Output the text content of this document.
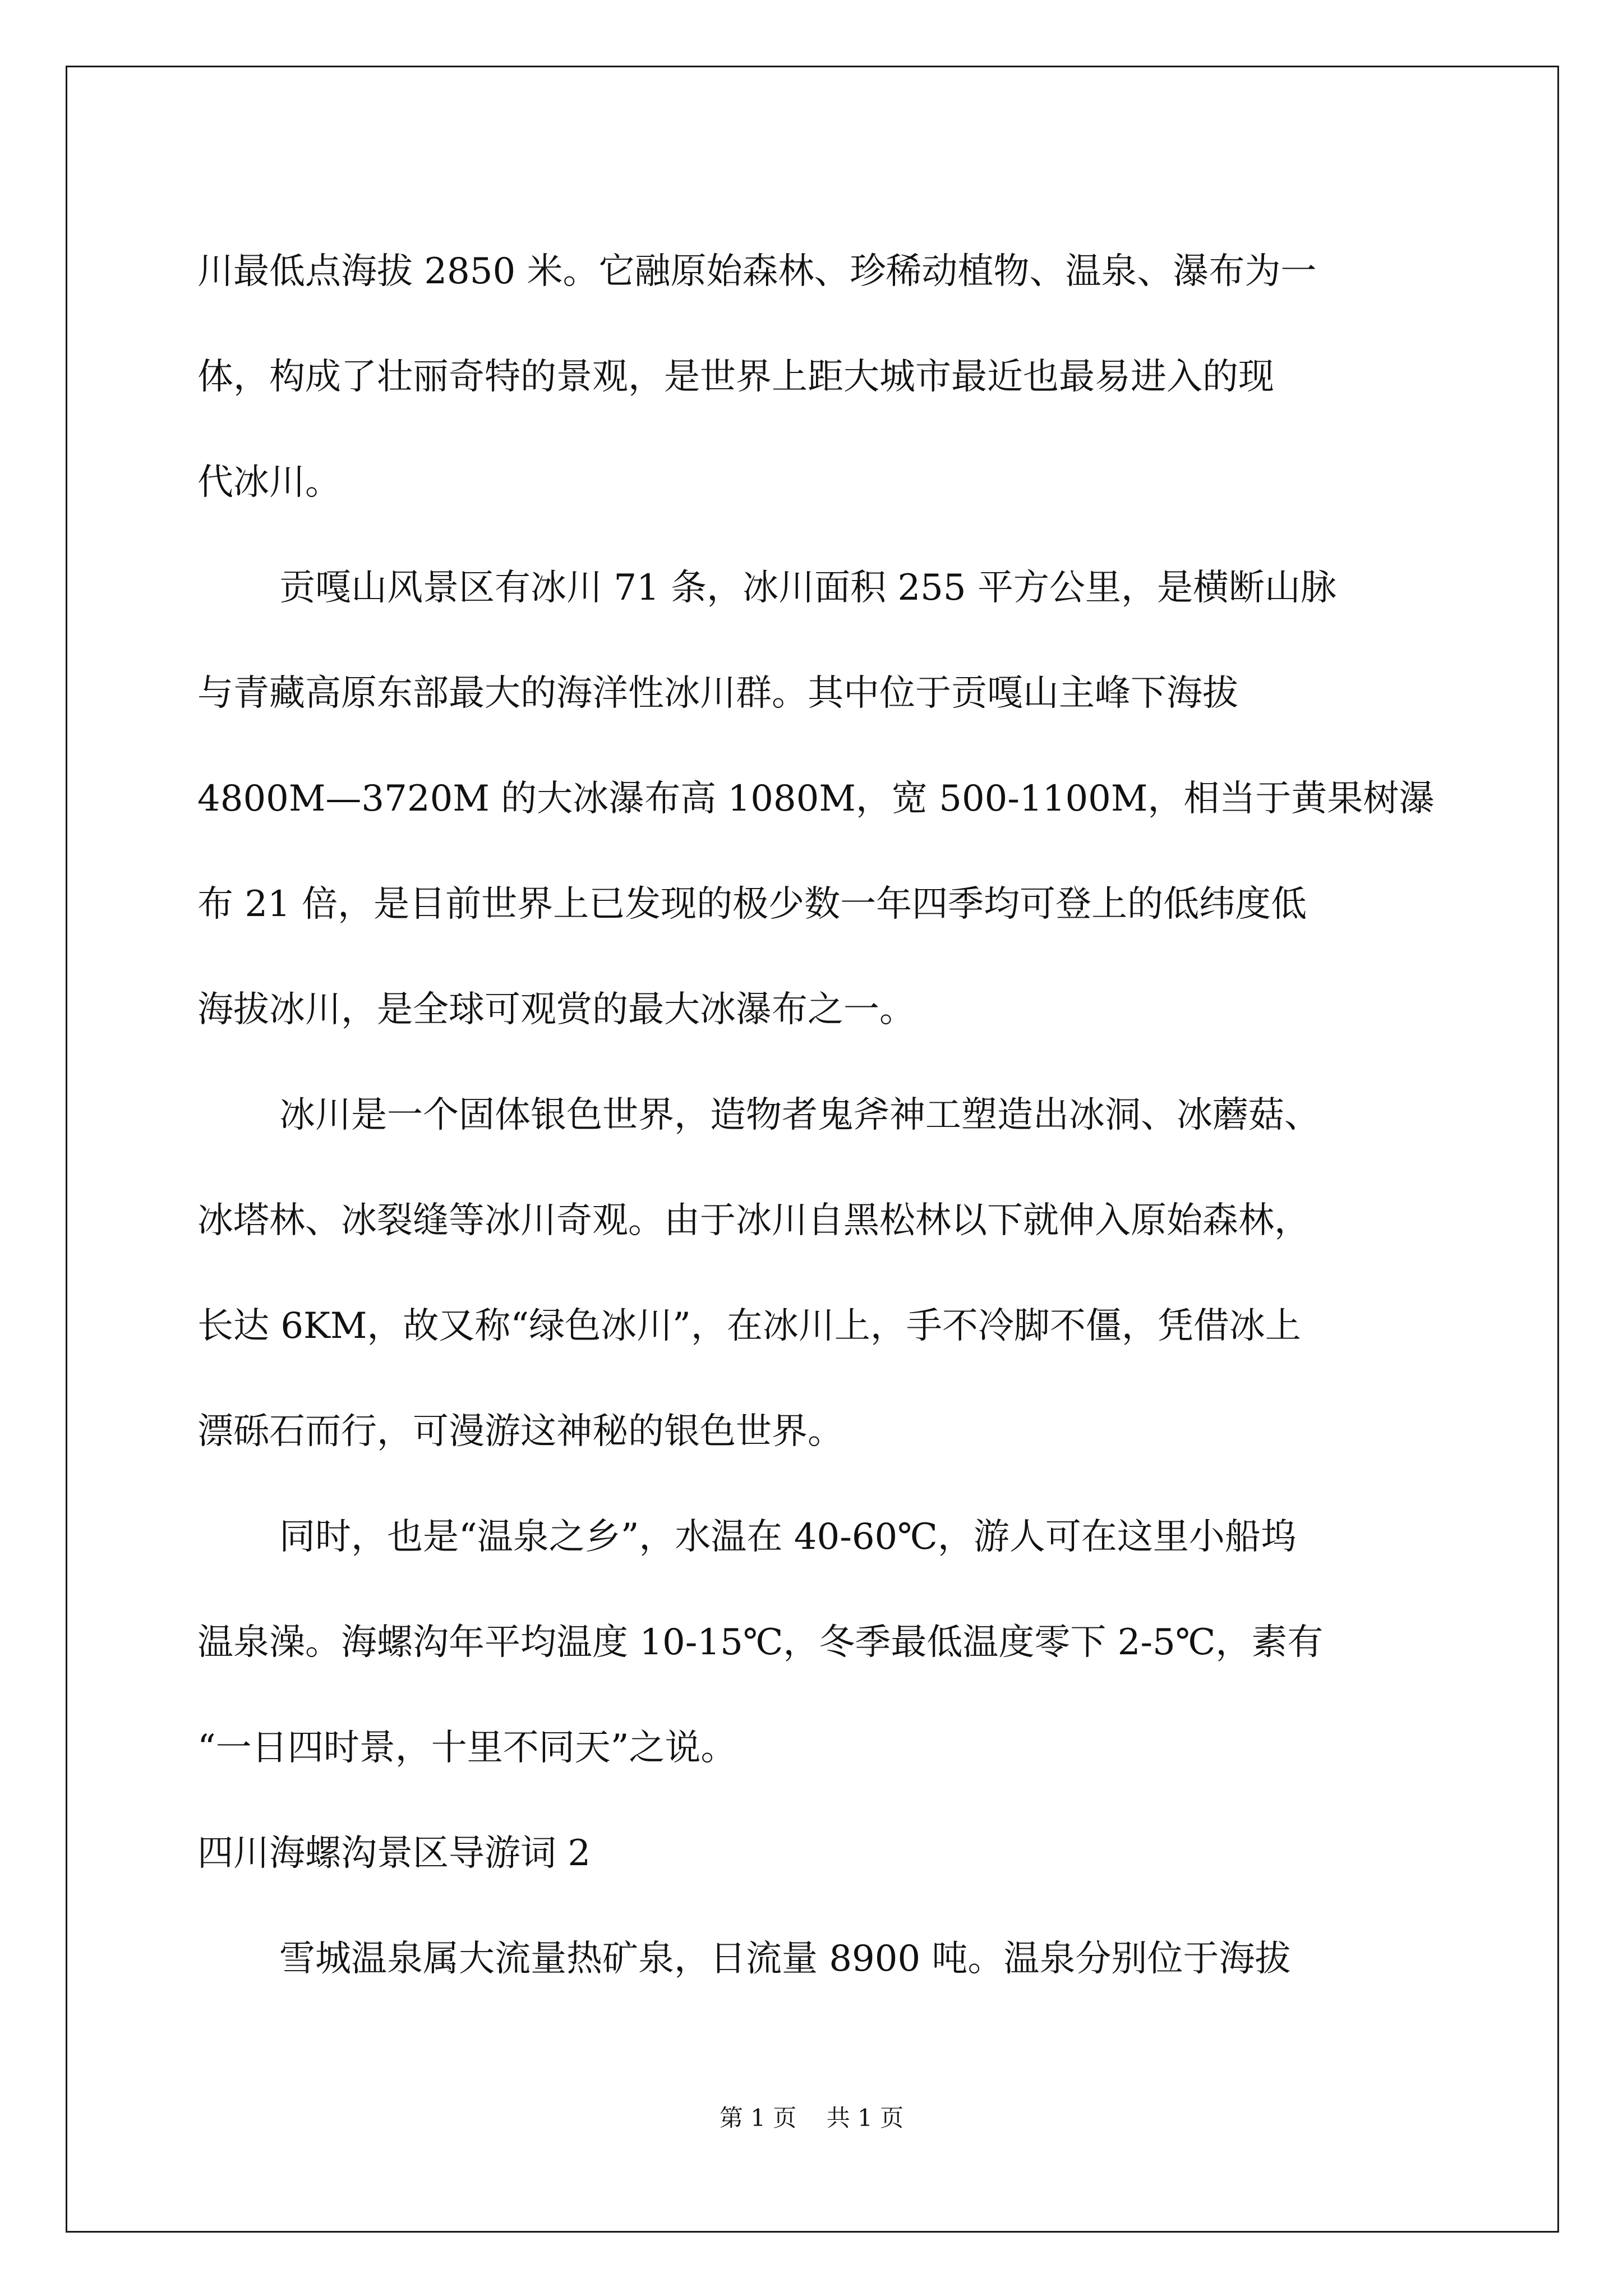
川最低点海拔 2850 米。它融原始森林、珍稀动植物、温泉、瀑布为一
体，构成了壮丽奇特的景观，是世界上距大城市最近也最易进入的现
代冰川。
贡嘎山风景区有冰川 71 条，冰川面积 255 平方公里，是横断山脉
与青藏高原东部最大的海洋性冰川群。其中位于贡嘎山主峰下海拔
4800M—3720M 的大冰瀑布高 1080M，宽 500-1100M，相当于黄果树瀑
布 21 倍，是目前世界上已发现的极少数一年四季均可登上的低纬度低
海拔冰川，是全球可观赏的最大冰瀑布之一。
冰川是一个固体银色世界，造物者鬼斧神工塑造出冰洞、冰蘑菇、
冰塔林、冰裂缝等冰川奇观。由于冰川自黑松林以下就伸入原始森林，
长达 6KM，故又称“绿色冰川”，在冰川上，手不冷脚不僵，凭借冰上
漂砾石而行，可漫游这神秘的银色世界。
同时，也是“温泉之乡”，水温在 40-60℃，游人可在这里小船坞
温泉澡。海螺沟年平均温度 10-15℃，冬季最低温度零下 2-5℃，素有
“一日四时景，十里不同天”之说。
四川海螺沟景区导游词 2
雪城温泉属大流量热矿泉，日流量 8900 吨。温泉分别位于海拔
第 1 页    共 1 页
